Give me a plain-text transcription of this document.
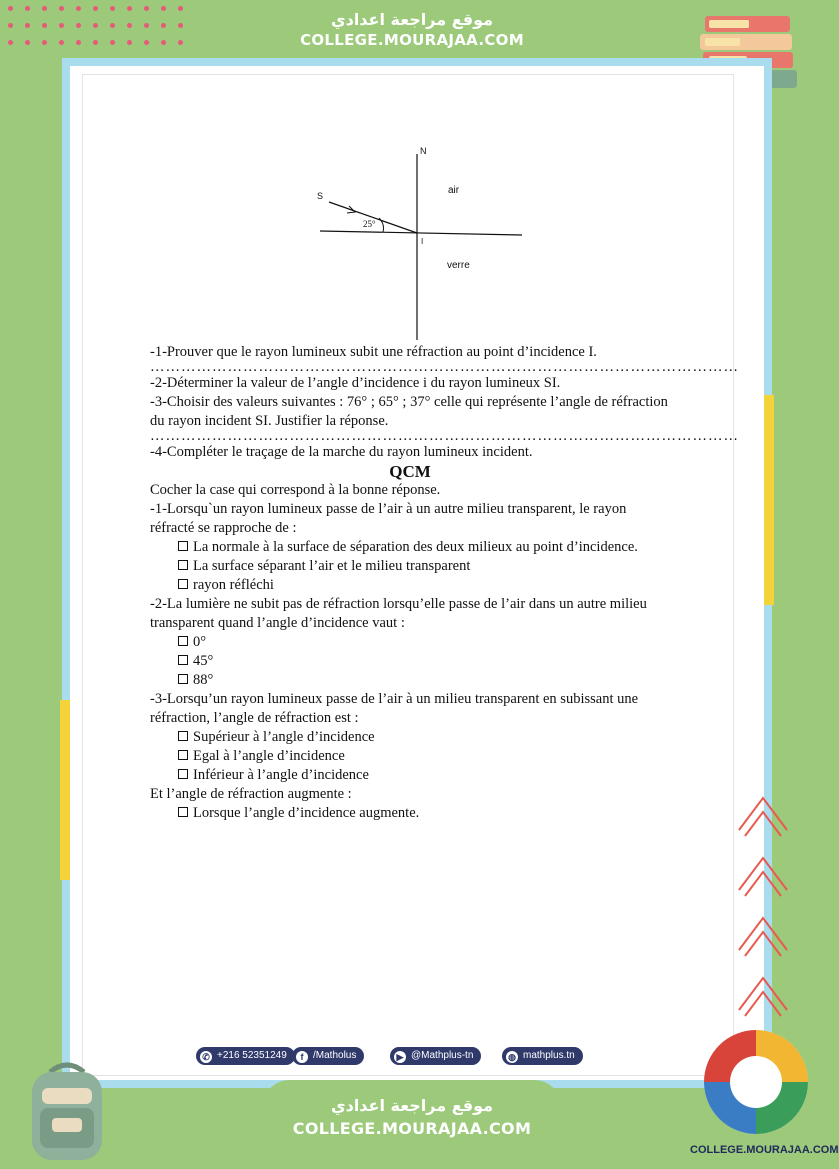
موقع مراجعة اعدادي
COLLEGE.MOURAJAA.COM
N
S
25°
I
air
verre

-1-Prouver que le rayon lumineux subit une réfraction au point d’incidence I.

……………………………………………………………………………………………………

-2-Déterminer la valeur de l’angle d’incidence i du rayon lumineux SI.

-3-Choisir des valeurs suivantes : 76° ; 65° ; 37° celle qui représente l’angle de réfraction du rayon incident SI. Justifier la réponse.

……………………………………………………………………………………………………

-4-Compléter le traçage de la marche du rayon lumineux incident.

QCM

Cocher la case qui correspond à la bonne réponse.

-1-Lorsqu`un rayon lumineux passe de l’air à un autre milieu transparent, le rayon réfracté se rapproche de :

La normale à la surface de séparation des deux milieux au point d’incidence.
La surface séparant l’air et le milieu transparent
rayon réfléchi

-2-La lumière ne subit pas de réfraction lorsqu’elle passe de l’air dans un autre milieu transparent quand l’angle d’incidence vaut :

0°
45°
88°

-3-Lorsqu’un rayon lumineux passe de l’air à un milieu transparent en subissant une réfraction, l’angle de réfraction est :

Supérieur à l’angle d’incidence
Egal à l’angle d’incidence
Inférieur à l’angle d’incidence

Et l’angle de réfraction augmente :

Lorsque l’angle d’incidence augmente.
✆ +216 52351249	f /Matholus	▶ @Mathplus-tn	◍ mathplus.tn
موقع مراجعة اعدادي
COLLEGE.MOURAJAA.COM
COLLEGE.MOURAJAA.COM
